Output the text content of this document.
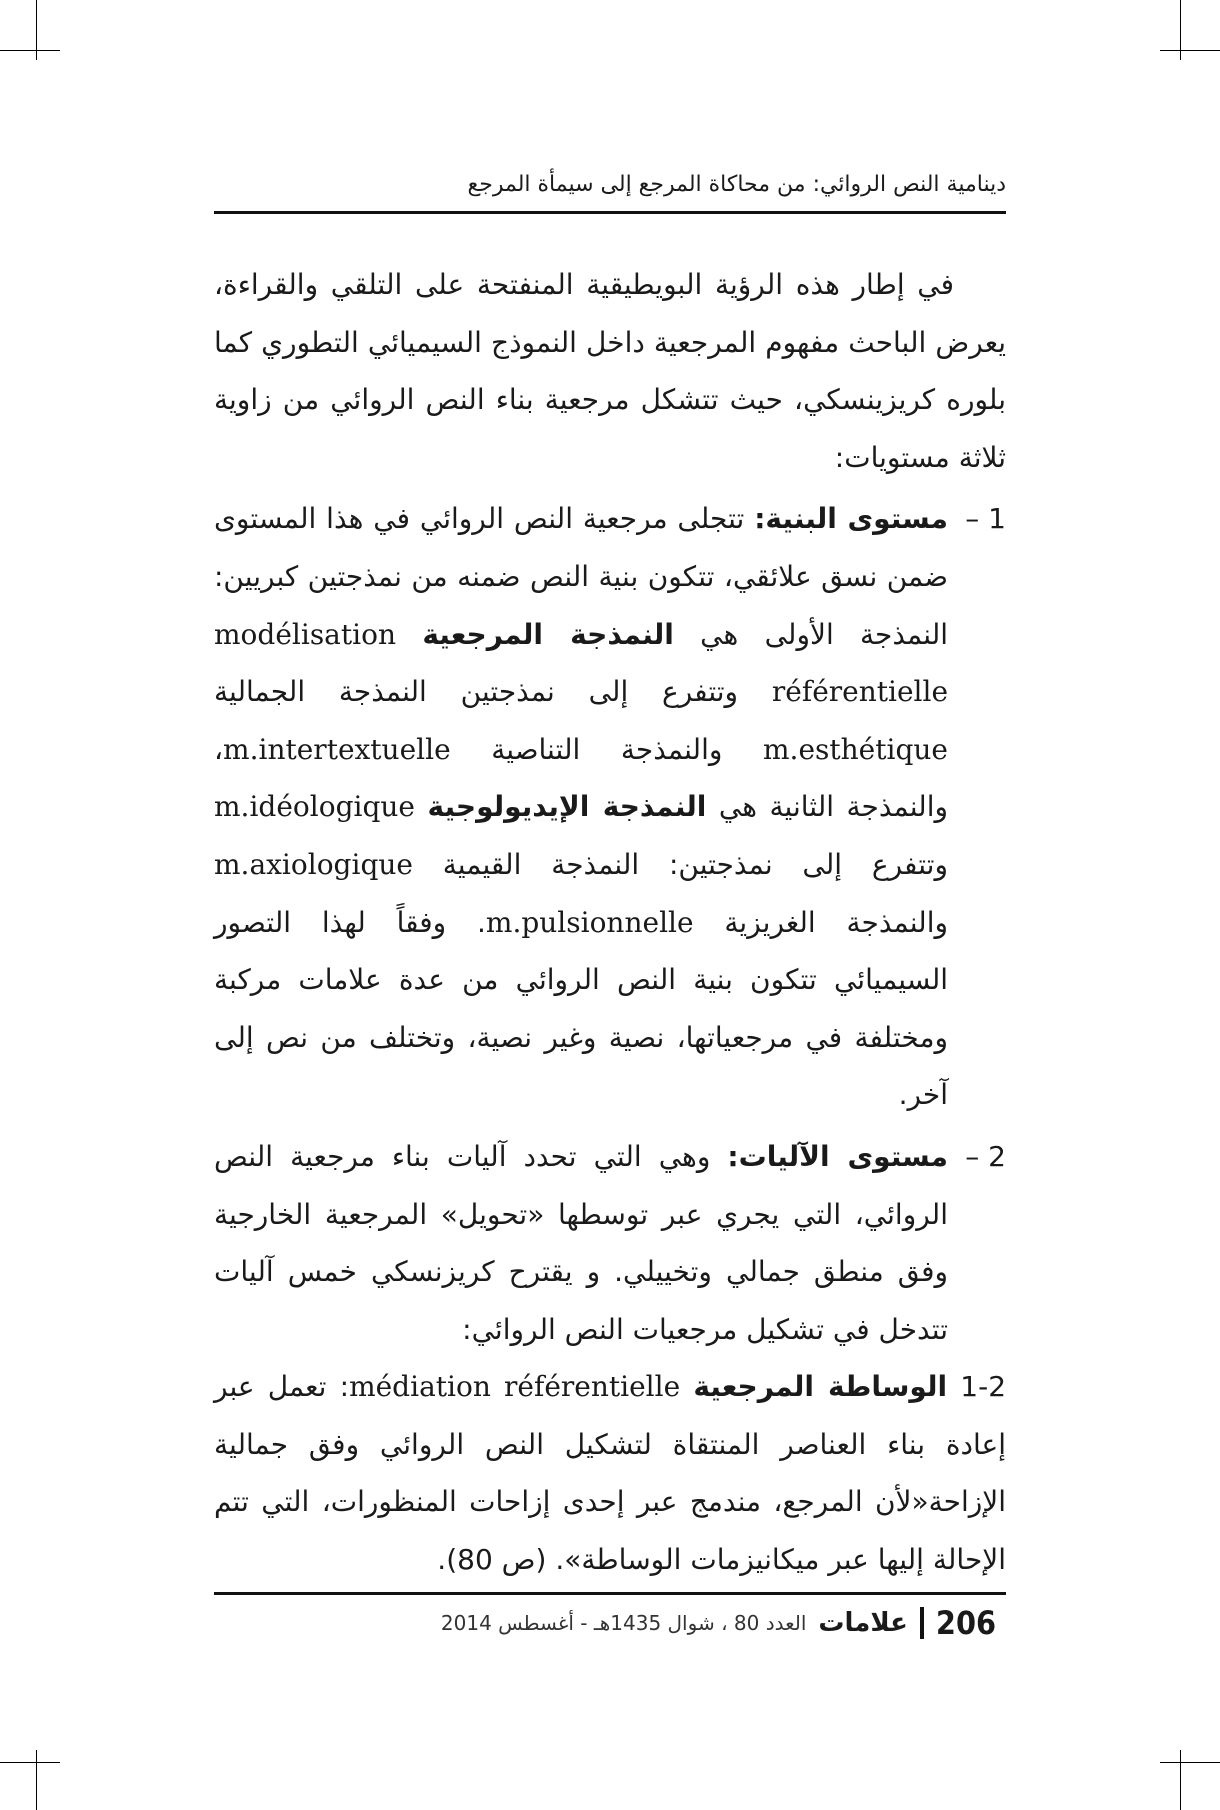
دينامية النص الروائي: من محاكاة المرجع إلى سيمأة المرجع

في إطار هذه الرؤية البويطيقية المنفتحة على التلقي والقراءة، يعرض الباحث مفهوم المرجعية داخل النموذج السيميائي التطوري كما بلوره كريزينسكي، حيث تتشكل مرجعية بناء النص الروائي من زاوية ثلاثة مستويات:

1 –

مستوى البنية: تتجلى مرجعية النص الروائي في هذا المستوى ضمن نسق علائقي، تتكون بنية النص ضمنه من نمذجتين كبريين: النمذجة الأولى هي النمذجة المرجعية modélisation référentielle وتتفرع إلى نمذجتين النمذجة الجمالية m.esthétique والنمذجة التناصية m.intertextuelle، والنمذجة الثانية هي النمذجة الإيديولوجية m.idéologique وتتفرع إلى نمذجتين: النمذجة القيمية m.axiologique والنمذجة الغريزية m.pulsionnelle. وفقاً لهذا التصور السيميائي تتكون بنية النص الروائي من عدة علامات مركبة ومختلفة في مرجعياتها، نصية وغير نصية، وتختلف من نص إلى آخر.

2 –

مستوى الآليات: وهي التي تحدد آليات بناء مرجعية النص الروائي، التي يجري عبر توسطها «تحويل» المرجعية الخارجية وفق منطق جمالي وتخييلي. و يقترح كريزنسكي خمس آليات تتدخل في تشكيل مرجعيات النص الروائي:

1-2 الوساطة المرجعية médiation référentielle: تعمل عبر إعادة بناء العناصر المنتقاة لتشكيل النص الروائي وفق جمالية الإزاحة«لأن المرجع، مندمج عبر إحدى إزاحات المنظورات، التي تتم الإحالة إليها عبر ميكانيزمات الوساطة». (ص 80).

206
علامات
العدد 80 ، شوال 1435هـ - أغسطس 2014
